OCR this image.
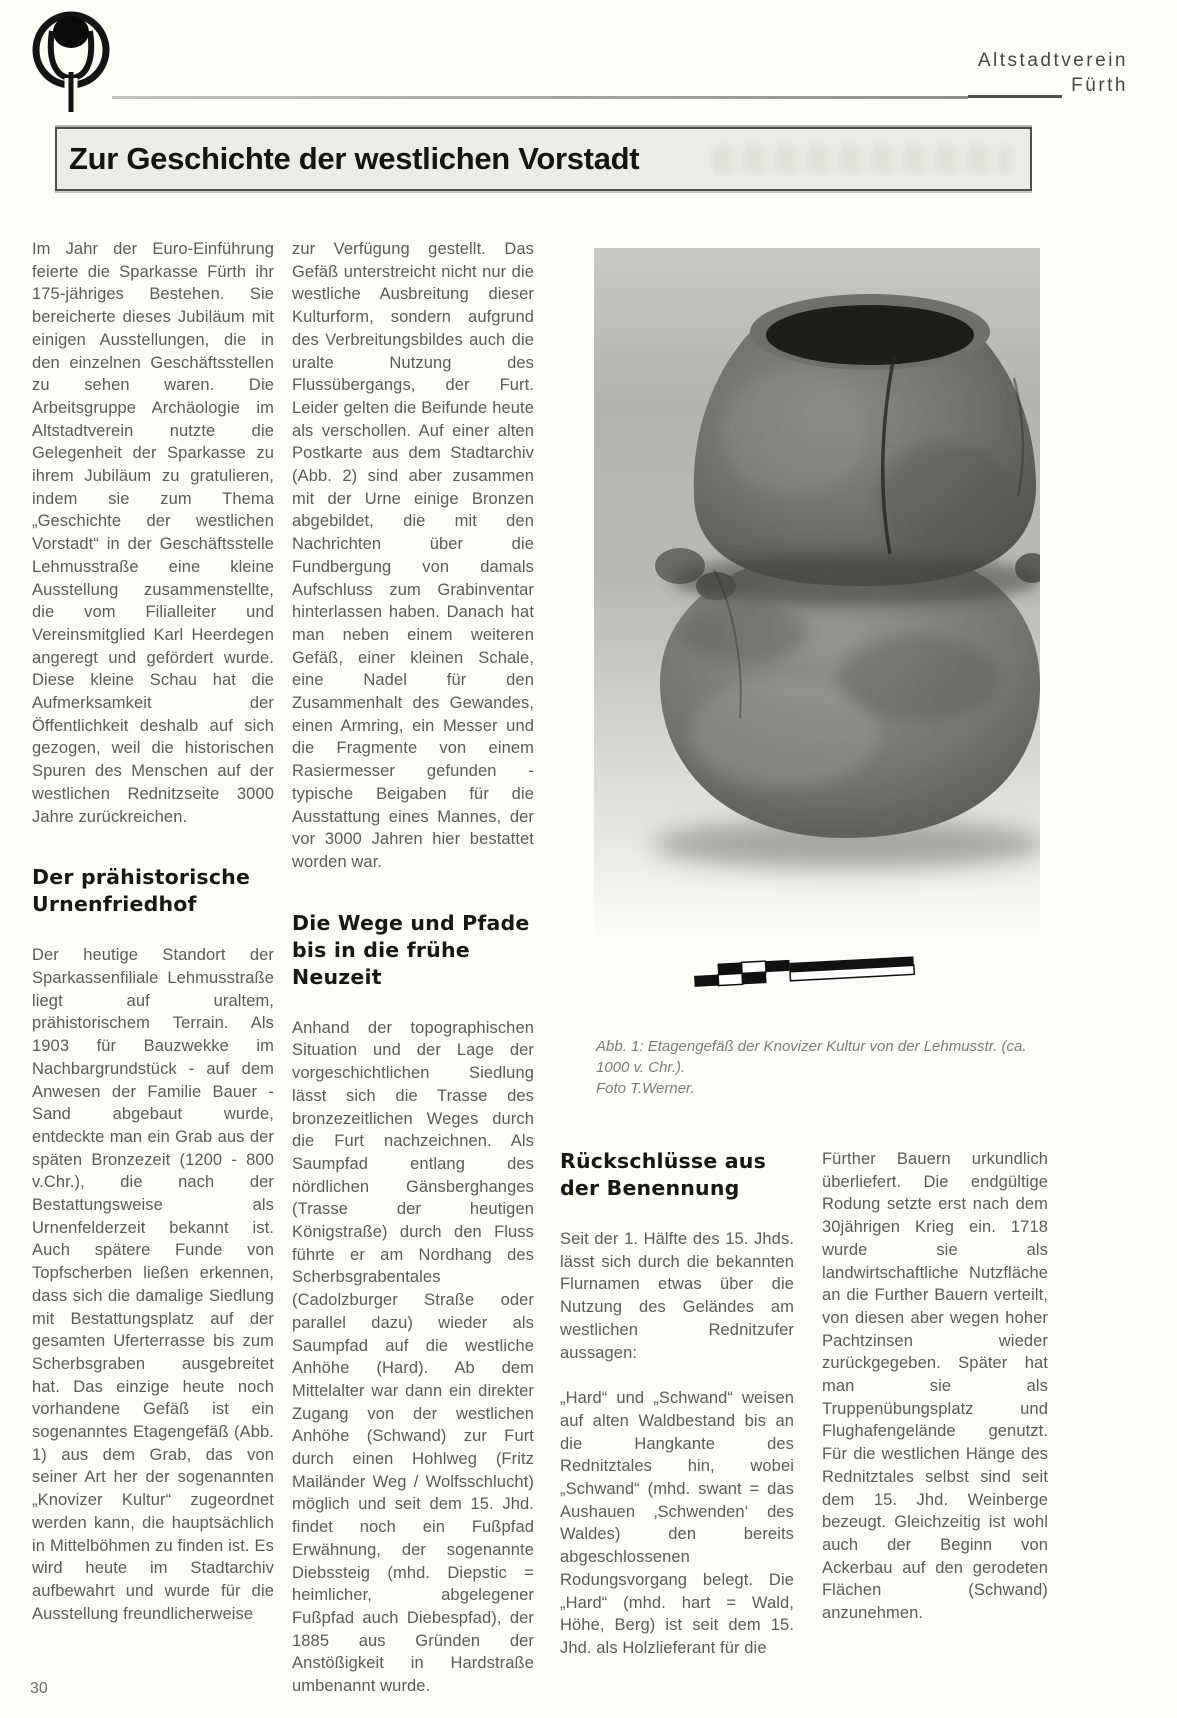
Altstadtverein
Fürth
Zur Geschichte der westlichen Vorstadt

Im Jahr der Euro-Einführung feierte die Sparkasse Fürth ihr 175-jähriges Bestehen. Sie bereicherte dieses Jubiläum mit einigen Ausstellungen, die in den einzelnen Geschäftsstellen zu sehen waren. Die Arbeitsgruppe Archäologie im Altstadtverein nutzte die Gelegenheit der Sparkasse zu ihrem Jubiläum zu gratulieren, indem sie zum Thema „Geschichte der westlichen Vorstadt“ in der Geschäftsstelle Lehmusstraße eine kleine Ausstellung zusammenstellte, die vom Filialleiter und Vereinsmitglied Karl Heerdegen angeregt und gefördert wurde. Diese kleine Schau hat die Aufmerksamkeit der Öffentlichkeit deshalb auf sich gezogen, weil die historischen Spuren des Menschen auf der westlichen Rednitzseite 3000 Jahre zurückreichen.

Der prähistorische
Urnenfriedhof

Der heutige Standort der Sparkassenfiliale Lehmusstraße liegt auf uraltem, prähistorischem Terrain. Als 1903 für Bauzwekke im Nachbargrundstück - auf dem Anwesen der Familie Bauer - Sand abgebaut wurde, entdeckte man ein Grab aus der späten Bronzezeit (1200 - 800 v.Chr.), die nach der Bestattungsweise als Urnenfelderzeit bekannt ist. Auch spätere Funde von Topfscherben ließen erkennen, dass sich die damalige Siedlung mit Bestattungsplatz auf der gesamten Uferterrasse bis zum Scherbsgraben ausgebreitet hat. Das einzige heute noch vorhandene Gefäß ist ein sogenanntes Etagengefäß (Abb. 1) aus dem Grab, das von seiner Art her der sogenannten „Knovizer Kultur“ zugeordnet werden kann, die hauptsächlich in Mittelböhmen zu finden ist. Es wird heute im Stadtarchiv aufbewahrt und wurde für die Ausstellung freundlicherweise

zur Verfügung gestellt. Das Gefäß unterstreicht nicht nur die westliche Ausbreitung dieser Kulturform, sondern aufgrund des Verbreitungsbildes auch die uralte Nutzung des Flussübergangs, der Furt. Leider gelten die Beifunde heute als verschollen. Auf einer alten Postkarte aus dem Stadtarchiv (Abb. 2) sind aber zusammen mit der Urne einige Bronzen abgebildet, die mit den Nachrichten über die Fundbergung von damals Aufschluss zum Grabinventar hinterlassen haben. Danach hat man neben einem weiteren Gefäß, einer kleinen Schale, eine Nadel für den Zusammenhalt des Gewandes, einen Armring, ein Messer und die Fragmente von einem Rasiermesser gefunden - typische Beigaben für die Ausstattung eines Mannes, der vor 3000 Jahren hier bestattet worden war.

Die Wege und Pfade
bis in die frühe Neuzeit

Anhand der topographischen Situation und der Lage der vorgeschichtlichen Siedlung lässt sich die Trasse des bronzezeitlichen Weges durch die Furt nachzeichnen. Als Saumpfad entlang des nördlichen Gänsberghanges (Trasse der heutigen Königstraße) durch den Fluss führte er am Nordhang des Scherbsgrabentales (Cadolzburger Straße oder parallel dazu) wieder als Saumpfad auf die westliche Anhöhe (Hard). Ab dem Mittelalter war dann ein direkter Zugang von der westlichen Anhöhe (Schwand) zur Furt durch einen Hohlweg (Fritz Mailänder Weg / Wolfsschlucht) möglich und seit dem 15. Jhd. findet noch ein Fußpfad Erwähnung, der sogenannte Diebssteig (mhd. Diepstic = heimlicher, abgelegener Fußpfad auch Diebespfad), der 1885 aus Gründen der Anstößigkeit in Hardstraße umbenannt wurde.

Abb. 1: Etagengefäß der Knovizer Kultur von der Lehmusstr. (ca. 1000 v. Chr.).
Foto T.Werner.
Rückschlüsse aus
der Benennung

Seit der 1. Hälfte des 15. Jhds. lässt sich durch die bekannten Flurnamen etwas über die Nutzung des Geländes am westlichen Rednitzufer aussagen:

„Hard“ und „Schwand“ weisen auf alten Waldbestand bis an die Hangkante des Rednitztales hin, wobei „Schwand“ (mhd. swant = das Aushauen ‚Schwenden‘ des Waldes) den bereits abgeschlossenen Rodungsvorgang belegt. Die „Hard“ (mhd. hart = Wald, Höhe, Berg) ist seit dem 15. Jhd. als Holzlieferant für die

Fürther Bauern urkundlich überliefert. Die endgültige Rodung setzte erst nach dem 30jährigen Krieg ein. 1718 wurde sie als landwirtschaftliche Nutzfläche an die Further Bauern verteilt, von diesen aber wegen hoher Pachtzinsen wieder zurückgegeben. Später hat man sie als Truppenübungsplatz und Flughafengelände genutzt. Für die westlichen Hänge des Rednitztales selbst sind seit dem 15. Jhd. Weinberge bezeugt. Gleichzeitig ist wohl auch der Beginn von Ackerbau auf den gerodeten Flächen (Schwand) anzunehmen.

30
